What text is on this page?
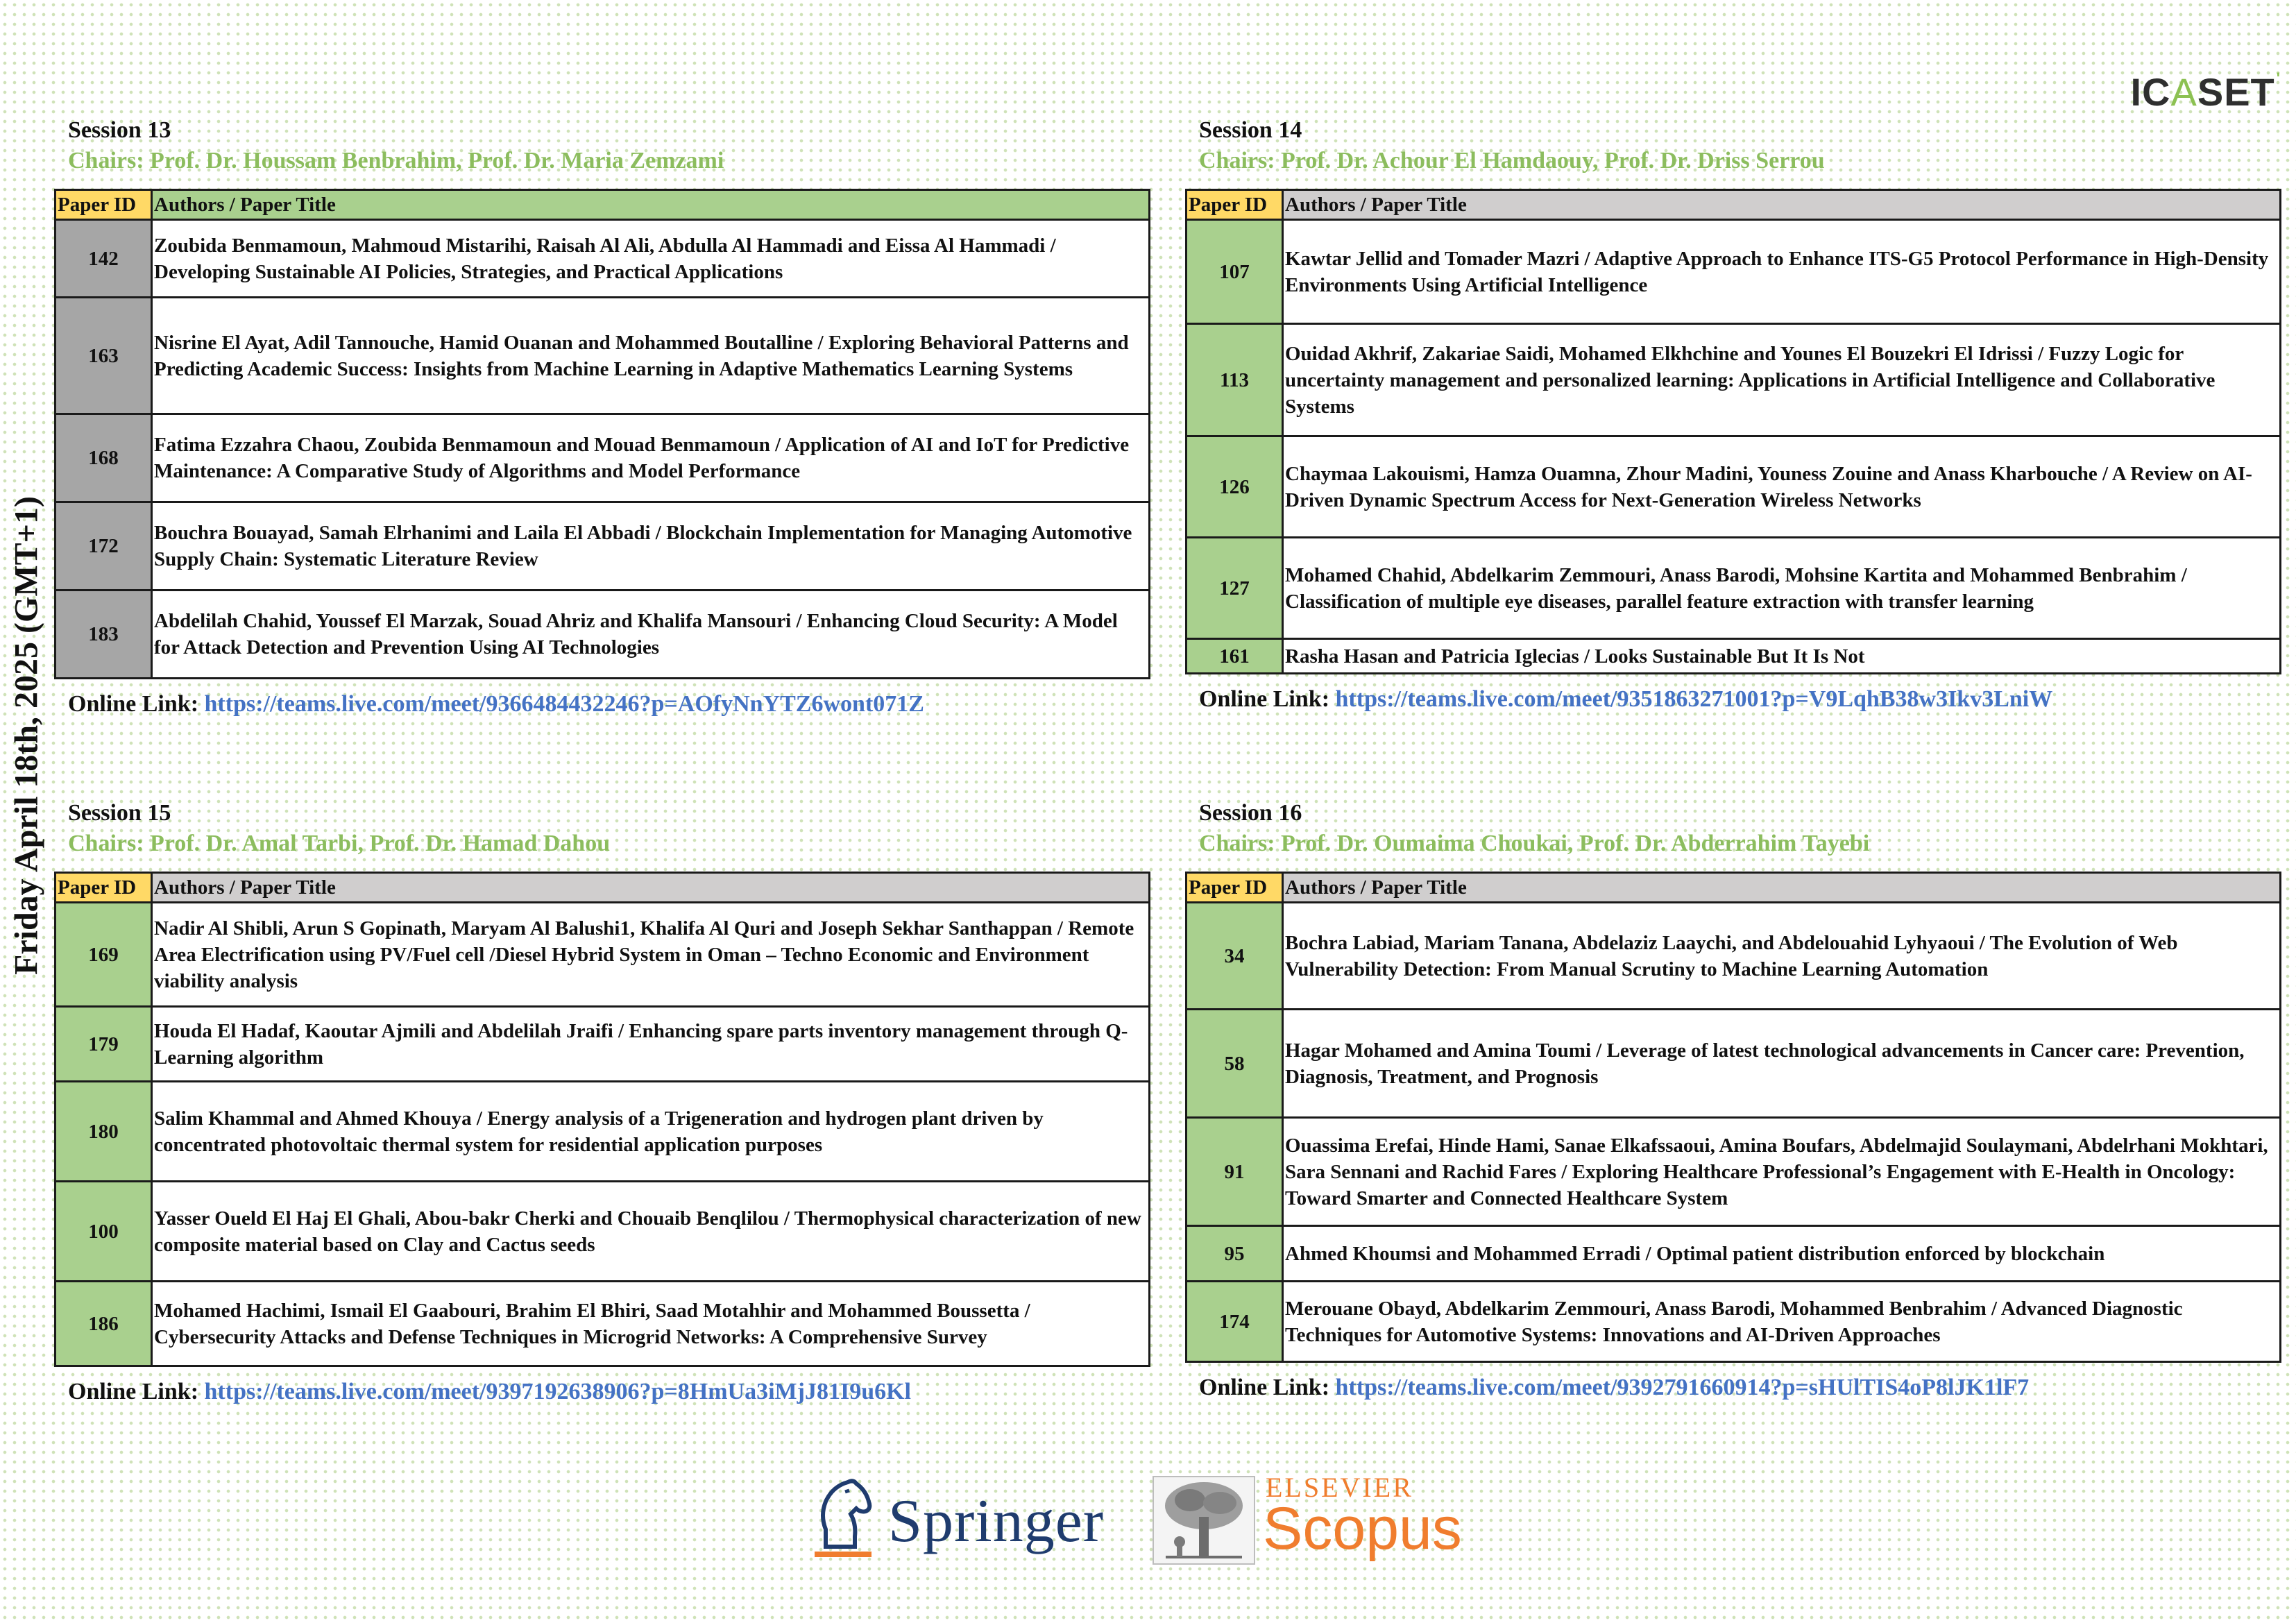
Friday April 18th, 2025 (GMT+1)
ICASET'
Session 13
Chairs: Prof. Dr. Houssam Benbrahim, Prof. Dr. Maria Zemzami
Paper ID	Authors / Paper Title
142	Zoubida Benmamoun, Mahmoud Mistarihi, Raisah Al Ali, Abdulla Al Hammadi and Eissa Al Hammadi / Developing Sustainable AI Policies, Strategies, and Practical Applications
163	Nisrine El Ayat, Adil Tannouche, Hamid Ouanan and Mohammed Boutalline / Exploring Behavioral Patterns and Predicting Academic Success: Insights from Machine Learning in Adaptive Mathematics Learning Systems
168	Fatima Ezzahra Chaou, Zoubida Benmamoun and Mouad Benmamoun / Application of AI and IoT for Predictive Maintenance: A Comparative Study of Algorithms and Model Performance
172	Bouchra Bouayad, Samah Elrhanimi and Laila El Abbadi / Blockchain Implementation for Managing Automotive Supply Chain: Systematic Literature Review
183	Abdelilah Chahid, Youssef El Marzak, Souad Ahriz and Khalifa Mansouri / Enhancing Cloud Security: A Model for Attack Detection and Prevention Using AI Technologies
Online Link: https://teams.live.com/meet/9366484432246?p=AOfyNnYTZ6wont071Z
Session 14
Chairs: Prof. Dr. Achour El Hamdaouy, Prof. Dr. Driss Serrou
Paper ID	Authors / Paper Title
107	Kawtar Jellid and Tomader Mazri / Adaptive Approach to Enhance ITS-G5 Protocol Performance in High-Density Environments Using Artificial Intelligence
113	Ouidad Akhrif, Zakariae Saidi, Mohamed Elkhchine and Younes El Bouzekri El Idrissi / Fuzzy Logic for uncertainty management and personalized learning: Applications in Artificial Intelligence and Collaborative Systems
126	Chaymaa Lakouismi, Hamza Ouamna, Zhour Madini, Youness Zouine and Anass Kharbouche / A Review on AI-Driven Dynamic Spectrum Access for Next-Generation Wireless Networks
127	Mohamed Chahid, Abdelkarim Zemmouri, Anass Barodi, Mohsine Kartita and Mohammed Benbrahim / Classification of multiple eye diseases, parallel feature extraction with transfer learning
161	Rasha Hasan and Patricia Iglecias / Looks Sustainable But It Is Not
Online Link: https://teams.live.com/meet/9351863271001?p=V9LqhB38w3Ikv3LniW
Session 15
Chairs: Prof. Dr. Amal Tarbi, Prof. Dr. Hamad Dahou
Paper ID	Authors / Paper Title
169	Nadir Al Shibli, Arun S Gopinath, Maryam Al Balushi1, Khalifa Al Quri and Joseph Sekhar Santhappan / Remote Area Electrification using PV/Fuel cell /Diesel Hybrid System in Oman – Techno Economic and Environment viability analysis
179	Houda El Hadaf, Kaoutar Ajmili and Abdelilah Jraifi / Enhancing spare parts inventory management through Q-Learning algorithm
180	Salim Khammal and Ahmed Khouya / Energy analysis of a Trigeneration and hydrogen plant driven by concentrated photovoltaic thermal system for residential application purposes
100	Yasser Oueld El Haj El Ghali, Abou-bakr Cherki and Chouaib Benqlilou / Thermophysical characterization of new composite material based on Clay and Cactus seeds
186	Mohamed Hachimi, Ismail El Gaabouri, Brahim El Bhiri, Saad Motahhir and Mohammed Boussetta / Cybersecurity Attacks and Defense Techniques in Microgrid Networks: A Comprehensive Survey
Online Link: https://teams.live.com/meet/9397192638906?p=8HmUa3iMjJ81I9u6Kl
Session 16
Chairs: Prof. Dr. Oumaima Choukai, Prof. Dr. Abderrahim Tayebi
Paper ID	Authors / Paper Title
34	Bochra Labiad, Mariam Tanana, Abdelaziz Laaychi, and Abdelouahid Lyhyaoui / The Evolution of Web Vulnerability Detection: From Manual Scrutiny to Machine Learning Automation
58	Hagar Mohamed and Amina Toumi / Leverage of latest technological advancements in Cancer care: Prevention, Diagnosis, Treatment, and Prognosis
91	Ouassima Erefai, Hinde Hami, Sanae Elkafssaoui, Amina Boufars, Abdelmajid Soulaymani, Abdelrhani Mokhtari, Sara Sennani and Rachid Fares / Exploring Healthcare Professional’s Engagement with E-Health in Oncology: Toward Smarter and Connected Healthcare System
95	Ahmed Khoumsi and Mohammed Erradi / Optimal patient distribution enforced by blockchain
174	Merouane Obayd, Abdelkarim Zemmouri, Anass Barodi, Mohammed Benbrahim / Advanced Diagnostic Techniques for Automotive Systems: Innovations and AI-Driven Approaches
Online Link: https://teams.live.com/meet/9392791660914?p=sHUlTIS4oP8lJK1lF7
Springer
ELSEVIER
Scopus
